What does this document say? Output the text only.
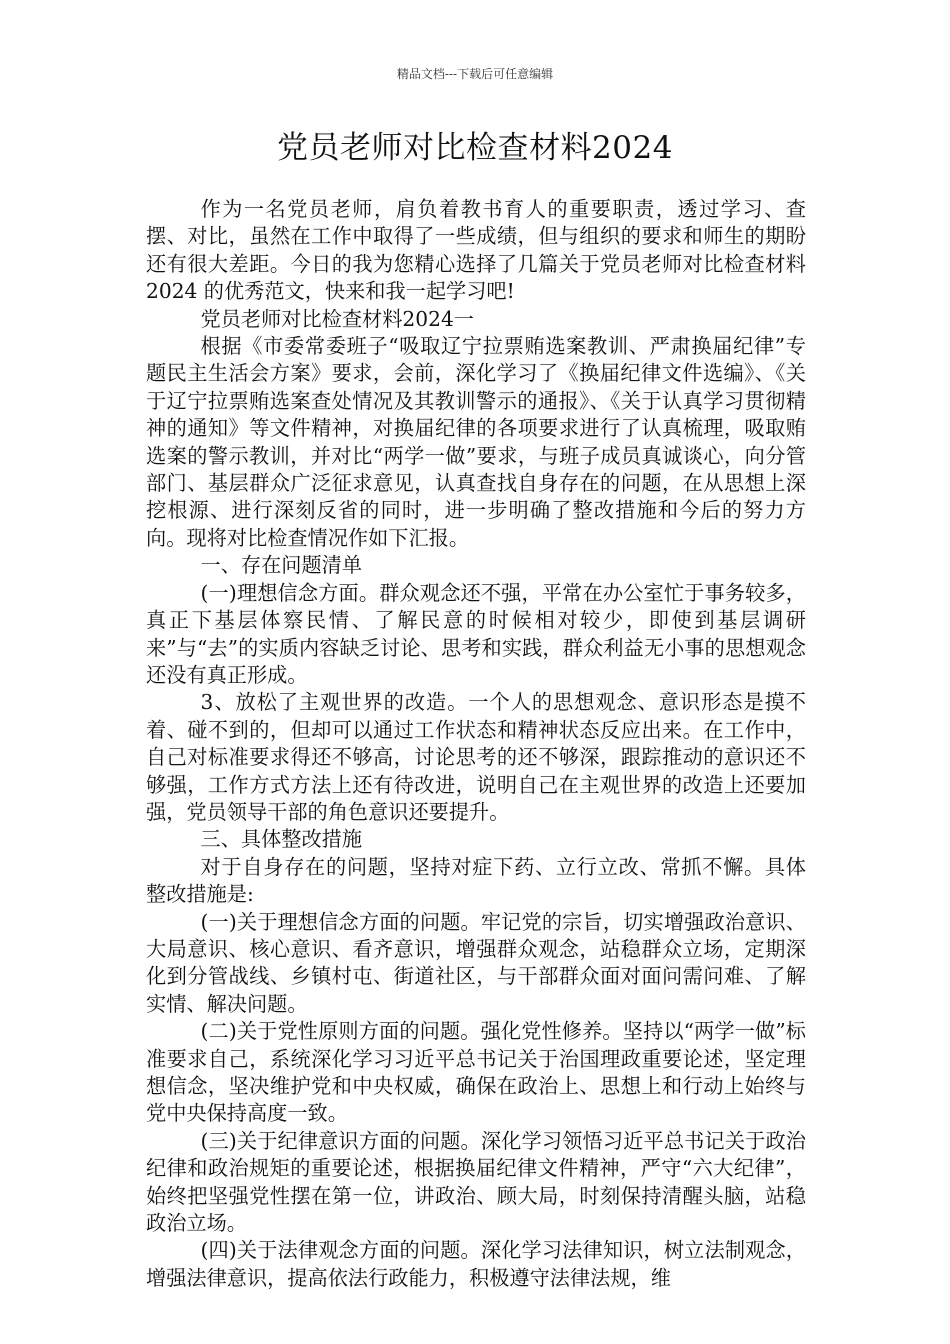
精品文档---下载后可任意编辑
党员老师对比检查材料2024

作为一名党员老师，肩负着教书育人的重要职责，透过学习、查摆、对比，虽然在工作中取得了一些成绩，但与组织的要求和师生的期盼还有很大差距。今日的我为您精心选择了几篇关于党员老师对比检查材料2024 的优秀范文，快来和我一起学习吧!

党员老师对比检查材料2024一

根据《市委常委班子“吸取辽宁拉票贿选案教训、严肃换届纪律”专题民主生活会方案》要求，会前，深化学习了《换届纪律文件选编》、《关于辽宁拉票贿选案查处情况及其教训警示的通报》、《关于认真学习贯彻精神的通知》等文件精神，对换届纪律的各项要求进行了认真梳理，吸取贿选案的警示教训，并对比“两学一做”要求，与班子成员真诚谈心，向分管部门、基层群众广泛征求意见，认真查找自身存在的问题，在从思想上深挖根源、进行深刻反省的同时，进一步明确了整改措施和今后的努力方向。现将对比检查情况作如下汇报。

一、存在问题清单

(一)理想信念方面。群众观念还不强，平常在办公室忙于事务较多，真正下基层体察民情、了解民意的时候相对较少，即使到基层调研来”与“去”的实质内容缺乏讨论、思考和实践，群众利益无小事的思想观念还没有真正形成。

3、放松了主观世界的改造。一个人的思想观念、意识形态是摸不着、碰不到的，但却可以通过工作状态和精神状态反应出来。在工作中，自己对标准要求得还不够高，讨论思考的还不够深，跟踪推动的意识还不够强，工作方式方法上还有待改进，说明自己在主观世界的改造上还要加强，党员领导干部的角色意识还要提升。

三、具体整改措施

对于自身存在的问题，坚持对症下药、立行立改、常抓不懈。具体整改措施是:

(一)关于理想信念方面的问题。牢记党的宗旨，切实增强政治意识、大局意识、核心意识、看齐意识，增强群众观念，站稳群众立场，定期深化到分管战线、乡镇村屯、街道社区，与干部群众面对面问需问难、了解实情、解决问题。

(二)关于党性原则方面的问题。强化党性修养。坚持以“两学一做”标准要求自己，系统深化学习习近平总书记关于治国理政重要论述，坚定理想信念，坚决维护党和中央权威，确保在政治上、思想上和行动上始终与党中央保持高度一致。

(三)关于纪律意识方面的问题。深化学习领悟习近平总书记关于政治纪律和政治规矩的重要论述，根据换届纪律文件精神，严守“六大纪律”，始终把坚强党性摆在第一位，讲政治、顾大局，时刻保持清醒头脑，站稳政治立场。

(四)关于法律观念方面的问题。深化学习法律知识，树立法制观念，增强法律意识，提高依法行政能力，积极遵守法律法规，维
